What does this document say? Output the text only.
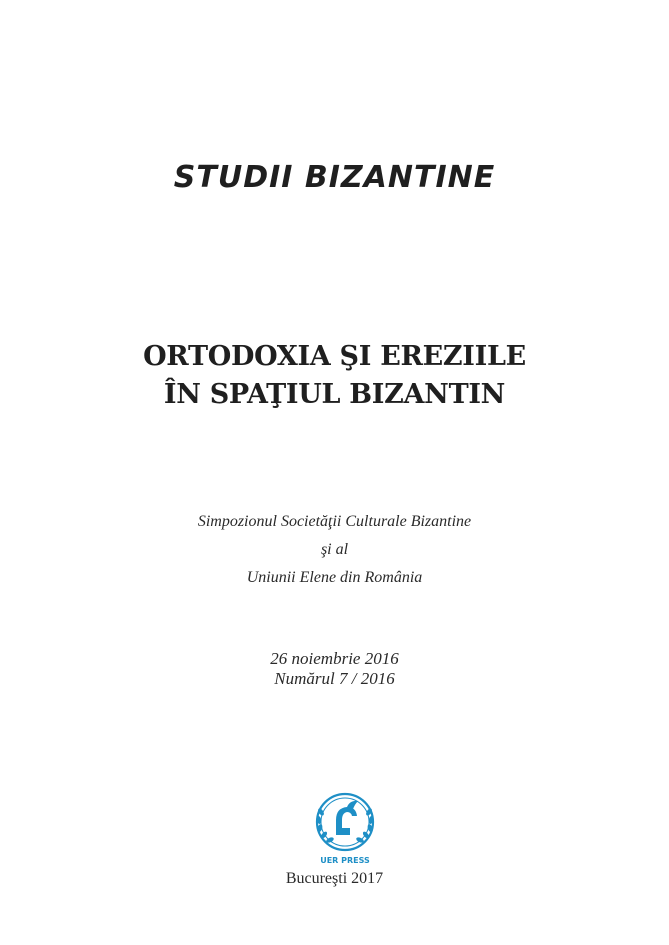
STUDII BIZANTINE
ORTODOXIA ŞI EREZIILE
ÎN SPAŢIUL BIZANTIN
Simpozionul Societăţii Culturale Bizantine
şi al
Uniunii Elene din România
26 noiembrie 2016
Numărul 7 / 2016
UER PRESS
Bucureşti 2017
